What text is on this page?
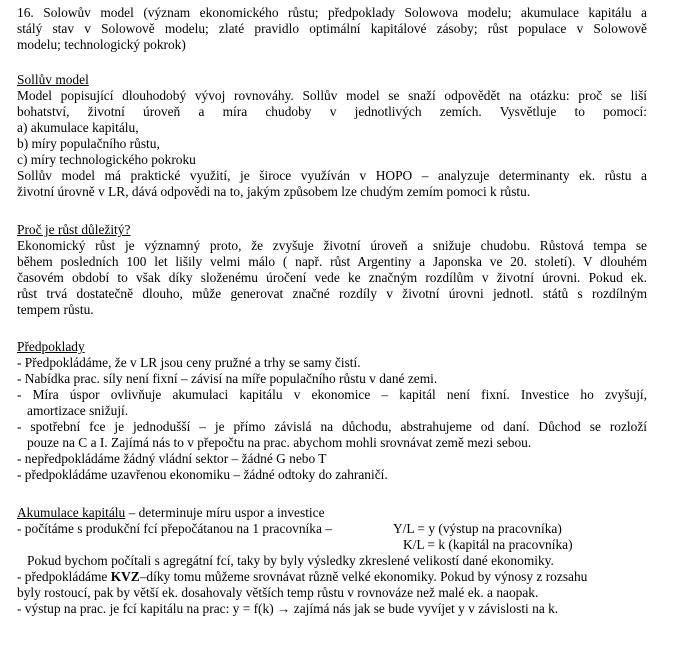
16. Solowův model (význam ekonomického růstu; předpoklady Solowova modelu; akumulace kapitálu a
stálý stav v Solowově modelu; zlaté pravidlo optimální kapitálové zásoby; růst populace v Solowově
modelu; technologický pokrok)
Sollův model
Model popisující dlouhodobý vývoj rovnováhy. Sollův model se snaží odpovědět na otázku: proč se liší
bohatství, životní úroveň a míra chudoby v jednotlivých zemích. Vysvětluje to pomocí:
a) akumulace kapitálu,
b) míry populačního růstu,
c) míry technologického pokroku
Sollův model má praktické využití, je široce využíván v HOPO – analyzuje determinanty ek. růstu a
životní úrovně v LR, dává odpovědi na to, jakým způsobem lze chudým zemím pomoci k růstu.
Proč je růst důležitý?
Ekonomický růst je významný proto, že zvyšuje životní úroveň a snižuje chudobu. Růstová tempa se
během posledních 100 let lišily velmi málo ( např. růst Argentiny a Japonska ve 20. století). V dlouhém
časovém období to však díky složenému úročení vede ke značným rozdílům v životní úrovni. Pokud ek.
růst trvá dostatečně dlouho, může generovat značné rozdíly v životní úrovni jednotl. států s rozdílným
tempem růstu.
Předpoklady
- Předpokládáme, že v LR jsou ceny pružné a trhy se samy čistí.
- Nabídka prac. síly není fixní – závisí na míře populačního růstu v dané zemi.
- Míra úspor ovlivňuje akumulaci kapitálu v ekonomice – kapitál není fixní. Investice ho zvyšují,
amortizace snižují.
- spotřební fce je jednodušší – je přímo závislá na důchodu, abstrahujeme od daní. Důchod se rozloží
pouze na C a I. Zajímá nás to v přepočtu na prac. abychom mohli srovnávat země mezi sebou.
- nepředpokládáme žádný vládní sektor – žádné G nebo T
- předpokládáme uzavřenou ekonomiku – žádné odtoky do zahraničí.
Akumulace kapitálu – determinuje míru uspor a investice
- počítáme s produkční fcí přepočátanou na 1 pracovníka –	Y/L = y (výstup na pracovníka)
K/L = k (kapitál na pracovníka)
Pokud bychom počítali s agregátní fcí, taky by byly výsledky zkreslené velikostí dané ekonomiky.
- předpokládáme KVZ–díky tomu můžeme srovnávat různě velké ekonomiky. Pokud by výnosy z rozsahu
byly rostoucí, pak by větší ek. dosahovaly větších temp růstu v rovnováze než malé ek. a naopak.
- výstup na prac. je fcí kapitálu na prac: y = f(k) → zajímá nás jak se bude vyvíjet y v závislosti na k.
